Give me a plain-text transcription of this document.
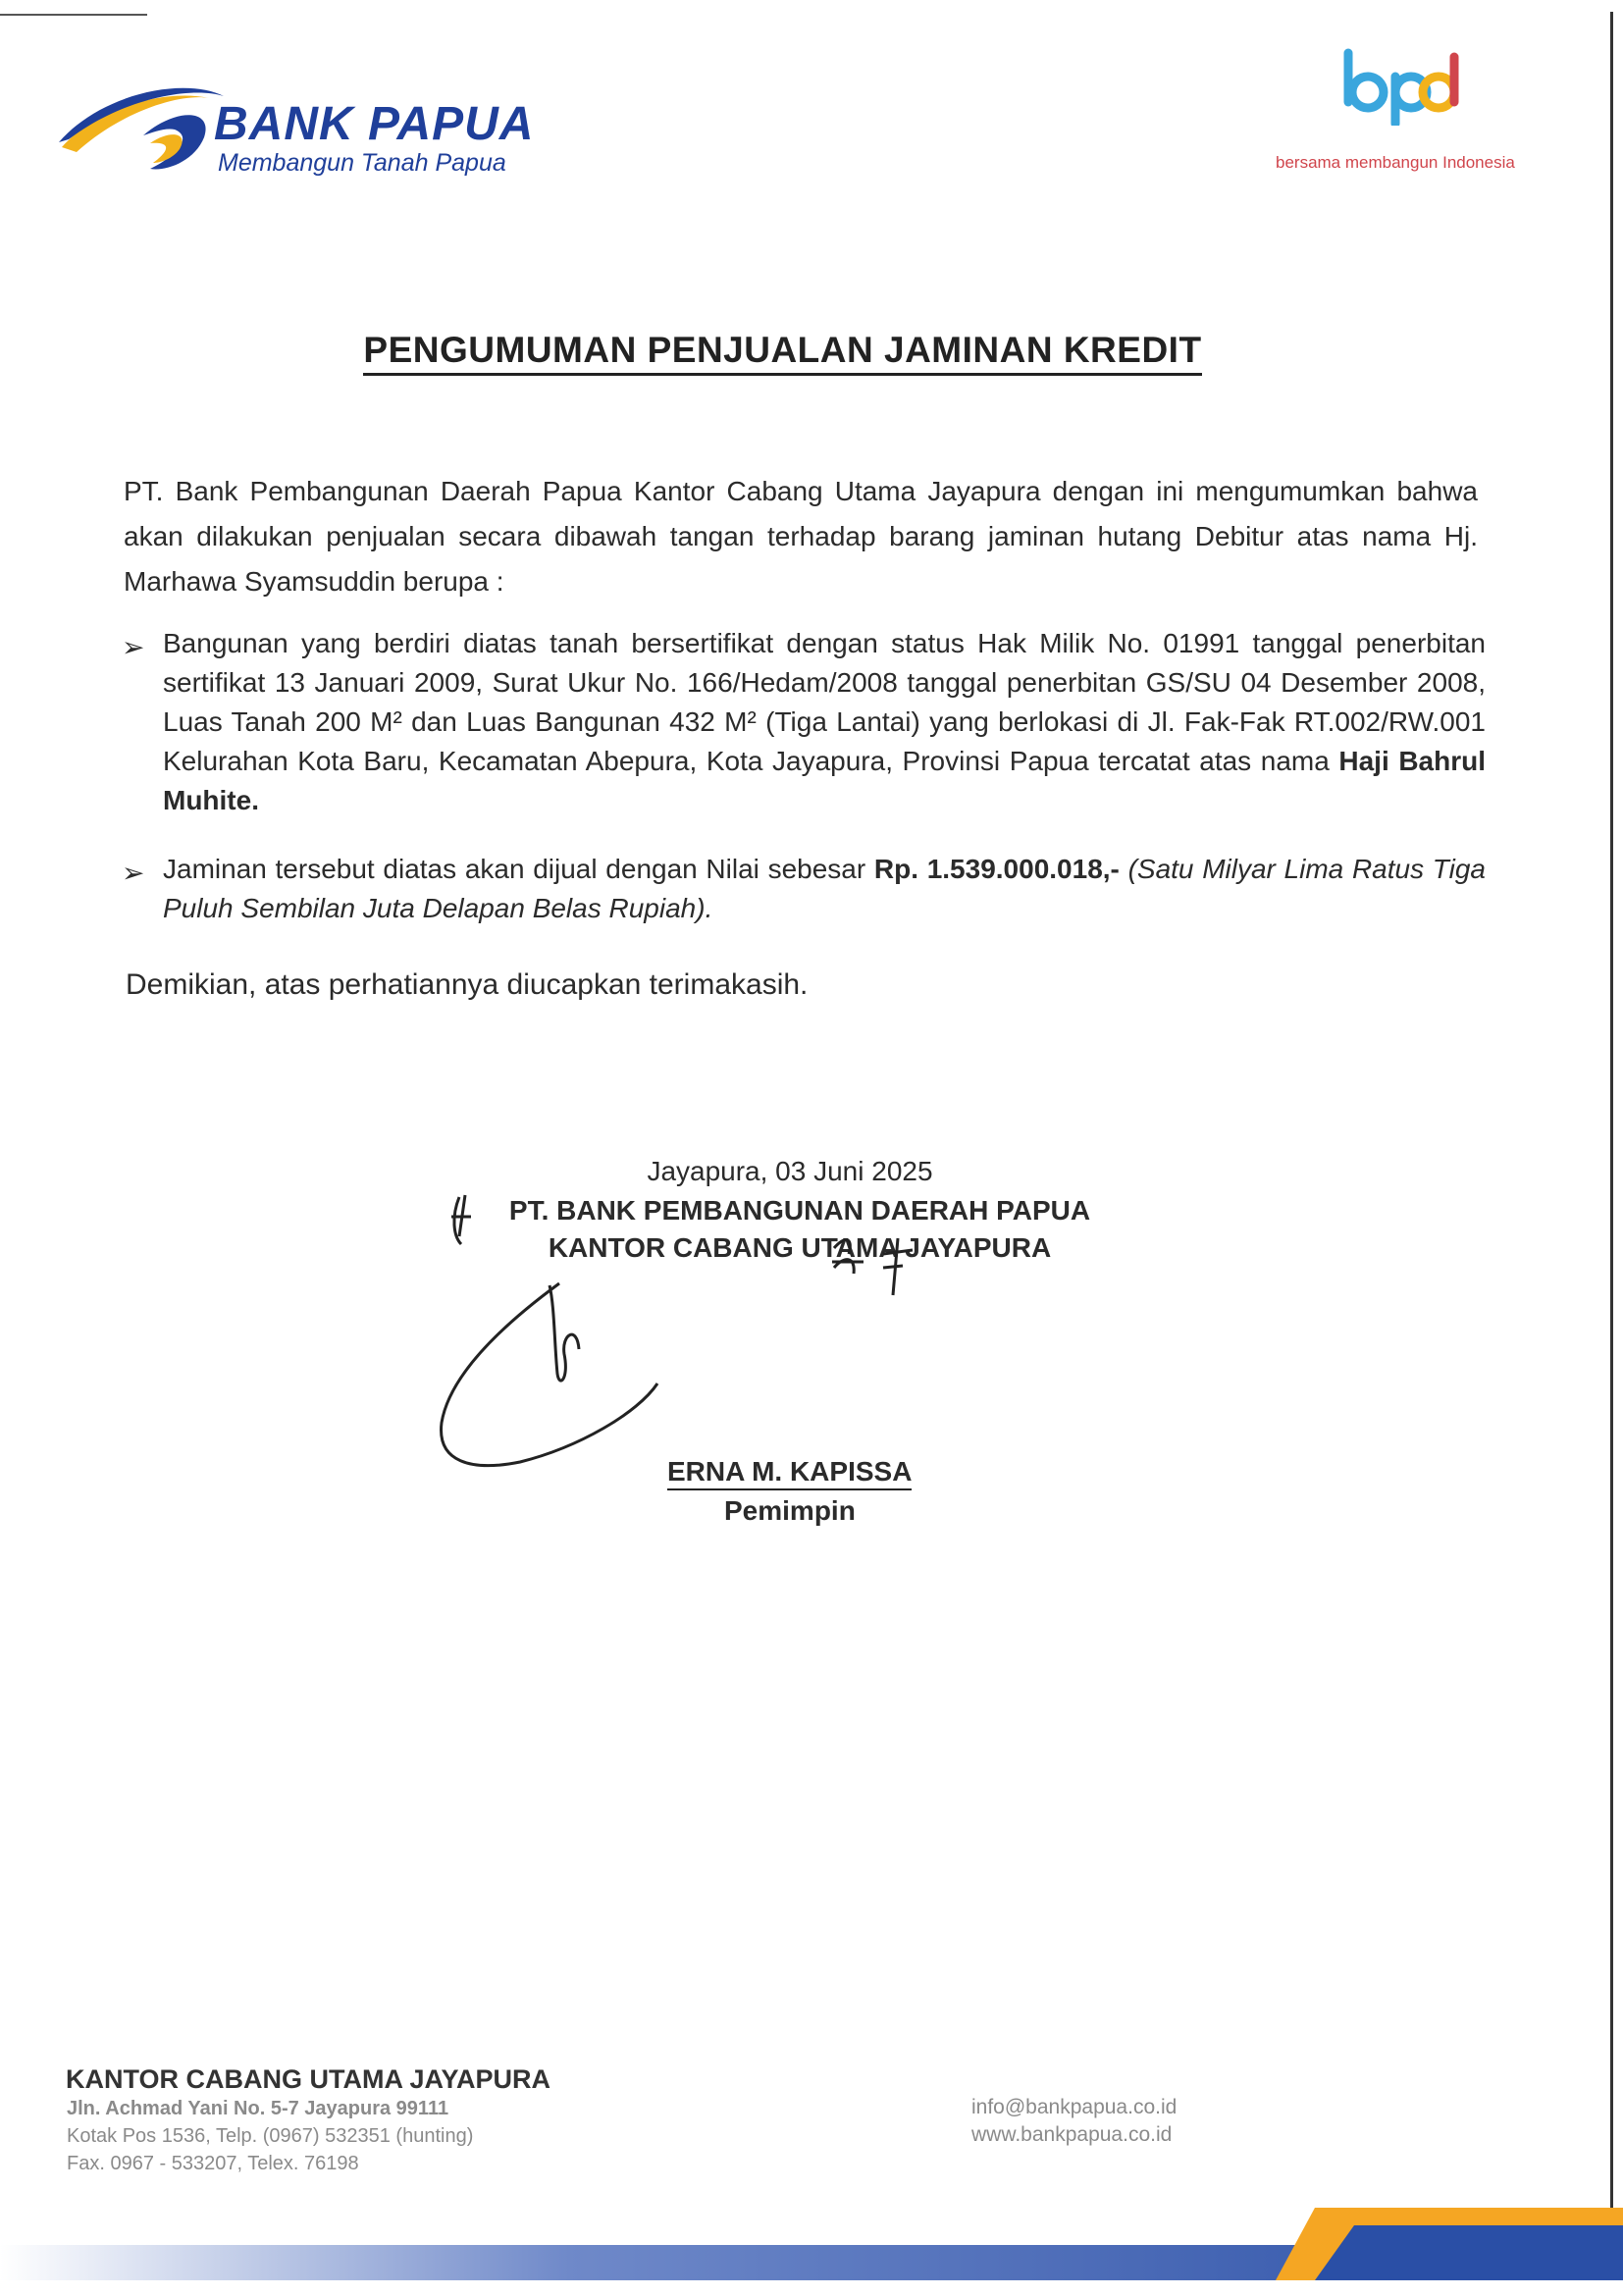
BANK PAPUA
Membangun Tanah Papua	bersama membangun Indonesia
PENGUMUMAN PENJUALAN JAMINAN KREDIT
PT. Bank Pembangunan Daerah Papua Kantor Cabang Utama Jayapura dengan ini mengumumkan bahwa akan dilakukan penjualan secara dibawah tangan terhadap barang jaminan hutang Debitur atas nama Hj. Marhawa Syamsuddin berupa :
➢ Bangunan yang berdiri diatas tanah bersertifikat dengan status Hak Milik No. 01991 tanggal penerbitan sertifikat 13 Januari 2009, Surat Ukur No. 166/Hedam/2008 tanggal penerbitan GS/SU 04 Desember 2008, Luas Tanah 200 M² dan Luas Bangunan 432 M² (Tiga Lantai) yang berlokasi di Jl. Fak-Fak RT.002/RW.001 Kelurahan Kota Baru, Kecamatan Abepura, Kota Jayapura, Provinsi Papua tercatat atas nama Haji Bahrul Muhite.
➢ Jaminan tersebut diatas akan dijual dengan Nilai sebesar Rp. 1.539.000.018,- (Satu Milyar Lima Ratus Tiga Puluh Sembilan Juta Delapan Belas Rupiah).
Demikian, atas perhatiannya diucapkan terimakasih.
Jayapura, 03 Juni 2025
PT. BANK PEMBANGUNAN DAERAH PAPUA
KANTOR CABANG UTAMA JAYAPURA
ERNA M. KAPISSA
Pemimpin
KANTOR CABANG UTAMA JAYAPURA
Jln. Achmad Yani No. 5-7 Jayapura 99111
Kotak Pos 1536, Telp. (0967) 532351 (hunting)
Fax. 0967 - 533207, Telex. 76198
info@bankpapua.co.id
www.bankpapua.co.id
